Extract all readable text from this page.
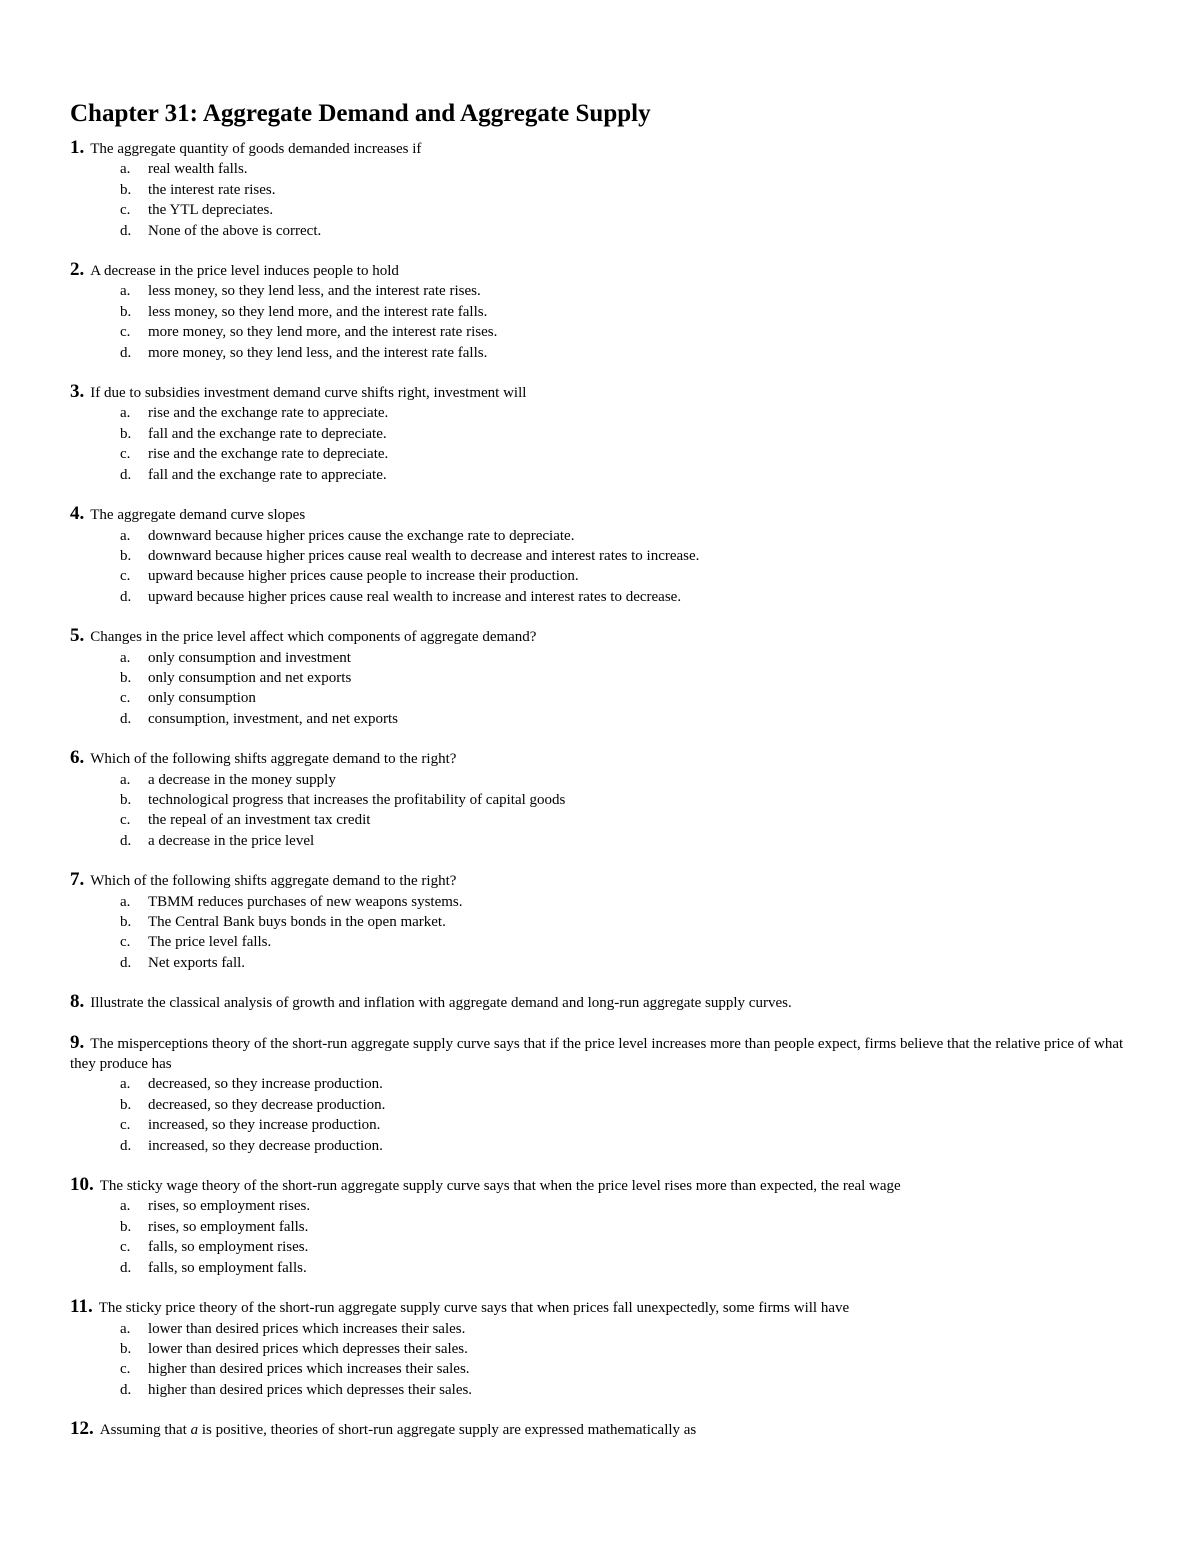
Chapter 31: Aggregate Demand and Aggregate Supply
1. The aggregate quantity of goods demanded increases if
a. real wealth falls.
b. the interest rate rises.
c. the YTL depreciates.
d. None of the above is correct.
2. A decrease in the price level induces people to hold
a. less money, so they lend less, and the interest rate rises.
b. less money, so they lend more, and the interest rate falls.
c. more money, so they lend more, and the interest rate rises.
d. more money, so they lend less, and the interest rate falls.
3. If due to subsidies investment demand curve shifts right, investment will
a. rise and the exchange rate to appreciate.
b. fall and the exchange rate to depreciate.
c. rise and the exchange rate to depreciate.
d. fall and the exchange rate to appreciate.
4. The aggregate demand curve slopes
a. downward because higher prices cause the exchange rate to depreciate.
b. downward because higher prices cause real wealth to decrease and interest rates to increase.
c. upward because higher prices cause people to increase their production.
d. upward because higher prices cause real wealth to increase and interest rates to decrease.
5. Changes in the price level affect which components of aggregate demand?
a. only consumption and investment
b. only consumption and net exports
c. only consumption
d. consumption, investment, and net exports
6. Which of the following shifts aggregate demand to the right?
a. a decrease in the money supply
b. technological progress that increases the profitability of capital goods
c. the repeal of an investment tax credit
d. a decrease in the price level
7. Which of the following shifts aggregate demand to the right?
a. TBMM reduces purchases of new weapons systems.
b. The Central Bank buys bonds in the open market.
c. The price level falls.
d. Net exports fall.
8. Illustrate the classical analysis of growth and inflation with aggregate demand and long-run aggregate supply curves.
9. The misperceptions theory of the short-run aggregate supply curve says that if the price level increases more than people expect, firms believe that the relative price of what they produce has
a. decreased, so they increase production.
b. decreased, so they decrease production.
c. increased, so they increase production.
d. increased, so they decrease production.
10. The sticky wage theory of the short-run aggregate supply curve says that when the price level rises more than expected, the real wage
a. rises, so employment rises.
b. rises, so employment falls.
c. falls, so employment rises.
d. falls, so employment falls.
11. The sticky price theory of the short-run aggregate supply curve says that when prices fall unexpectedly, some firms will have
a. lower than desired prices which increases their sales.
b. lower than desired prices which depresses their sales.
c. higher than desired prices which increases their sales.
d. higher than desired prices which depresses their sales.
12. Assuming that a is positive, theories of short-run aggregate supply are expressed mathematically as
